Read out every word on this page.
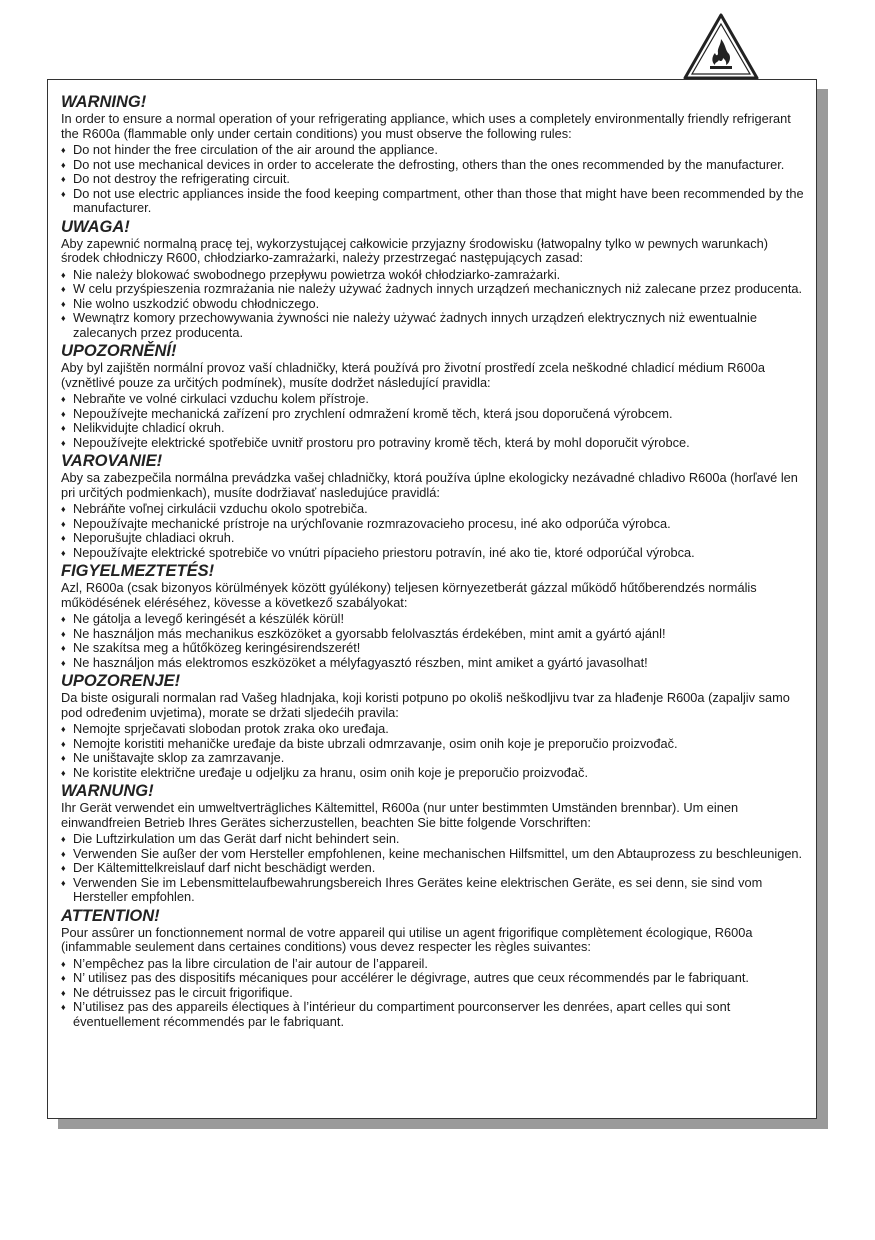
WARNING!

In order to ensure a normal operation of your refrigerating appliance, which uses a completely environmentally friendly refrigerant the R600a (flammable only under certain conditions) you must observe the following rules:

♦ Do not hinder the free circulation of the air around the appliance.
♦ Do not use mechanical devices in order to accelerate the defrosting, others than the ones recommended by the manufacturer.
♦ Do not destroy the refrigerating circuit.
♦ Do not use electric appliances inside the food keeping compartment, other than those that might have been recommended by the manufacturer.

UWAGA!

Aby zapewnić normalną pracę tej, wykorzystującej całkowicie przyjazny środowisku (łatwopalny tylko w pewnych warunkach) środek chłodniczy R600, chłodziarko-zamrażarki, należy przestrzegać następujących zasad:

♦ Nie należy blokować swobodnego przepływu powietrza wokół chłodziarko-zamrażarki.
♦ W celu przyśpieszenia rozmrażania nie należy używać żadnych innych urządzeń mechanicznych niż zalecane przez producenta.
♦ Nie wolno uszkodzić obwodu chłodniczego.
♦ Wewnątrz komory przechowywania żywności nie należy używać żadnych innych urządzeń elektrycznych niż ewentualnie zalecanych przez producenta.

UPOZORNĚNÍ!

Aby byl zajištěn normální provoz vaší chladničky, která používá pro životní prostředí zcela neškodné chladicí médium R600a (vznětlivé pouze za určitých podmínek), musíte dodržet následující pravidla:

♦ Nebraňte ve volné cirkulaci vzduchu kolem přístroje.
♦ Nepoužívejte mechanická zařízení pro zrychlení odmražení kromě těch, která jsou doporučená výrobcem.
♦ Nelikvidujte chladicí okruh.
♦ Nepoužívejte elektrické spotřebiče uvnitř prostoru pro potraviny kromě těch, která by mohl doporučit výrobce.

VAROVANIE!

Aby sa zabezpečila normálna prevádzka vašej chladničky, ktorá používa úplne ekologicky nezávadné chladivo R600a (horľavé len pri určitých podmienkach), musíte dodržiavať nasledujúce pravidlá:

♦ Nebráňte voľnej cirkulácii vzduchu okolo spotrebiča.
♦ Nepoužívajte mechanické prístroje na urýchľovanie rozmrazovacieho procesu, iné ako odporúča výrobca.
♦ Neporušujte chladiaci okruh.
♦ Nepoužívajte elektrické spotrebiče vo vnútri pípacieho priestoru potravín, iné ako tie, ktoré odporúčal výrobca.

FIGYELMEZTETÉS!

Azl, R600a (csak bizonyos körülmények között gyúlékony) teljesen környezetberát gázzal működő hűtőberendzés normális működésének eléréséhez, kövesse a következő szabályokat:

♦ Ne gátolja a levegő keringését a készülék körül!
♦ Ne használjon más mechanikus eszközöket a gyorsabb felolvasztás érdekében, mint amit a gyártó ajánl!
♦ Ne szakítsa meg a hűtőközeg keringésirendszerét!
♦ Ne használjon más elektromos eszközöket a mélyfagyasztó részben, mint amiket a gyártó javasolhat!

UPOZORENJE!

Da biste osigurali normalan rad Vašeg hladnjaka, koji koristi potpuno po okoliš neškodljivu tvar za hlađenje R600a (zapaljiv samo pod određenim uvjetima), morate se držati sljedećih pravila:

♦ Nemojte sprječavati slobodan protok zraka oko uređaja.
♦ Nemojte koristiti mehaničke uređaje da biste ubrzali odmrzavanje, osim onih koje je preporučio proizvođač.
♦ Ne uništavajte sklop za zamrzavanje.
♦ Ne koristite električne uređaje u odjeljku za hranu, osim onih koje je preporučio proizvođač.

WARNUNG!

Ihr Gerät verwendet ein umweltverträgliches Kältemittel, R600a (nur unter bestimmten Umständen brennbar). Um einen einwandfreien Betrieb Ihres Gerätes sicherzustellen, beachten Sie bitte folgende Vorschriften:

♦ Die Luftzirkulation um das Gerät darf nicht behindert sein.
♦ Verwenden Sie außer der vom Hersteller empfohlenen, keine mechanischen Hilfsmittel, um den Abtauprozess zu beschleunigen.
♦ Der Kältemittelkreislauf darf nicht beschädigt werden.
♦ Verwenden Sie im Lebensmittelaufbewahrungsbereich Ihres Gerätes keine elektrischen Geräte, es sei denn, sie sind vom Hersteller empfohlen.

ATTENTION!

Pour assûrer un fonctionnement normal de votre appareil qui utilise un agent frigorifique complètement écologique, R600a (infammable seulement dans certaines conditions) vous devez respecter les règles suivantes:

♦ N’empêchez pas la libre circulation de l’air autour de l’appareil.
♦ N’ utilisez pas des dispositifs mécaniques pour accélérer le dégivrage, autres que ceux récommendés par le fabriquant.
♦ Ne détruissez pas le circuit frigorifique.
♦ N’utilisez pas des appareils électiques à l’intérieur du compartiment pourconserver les denrées, apart celles qui sont éventuellement récommendés par le fabriquant.
